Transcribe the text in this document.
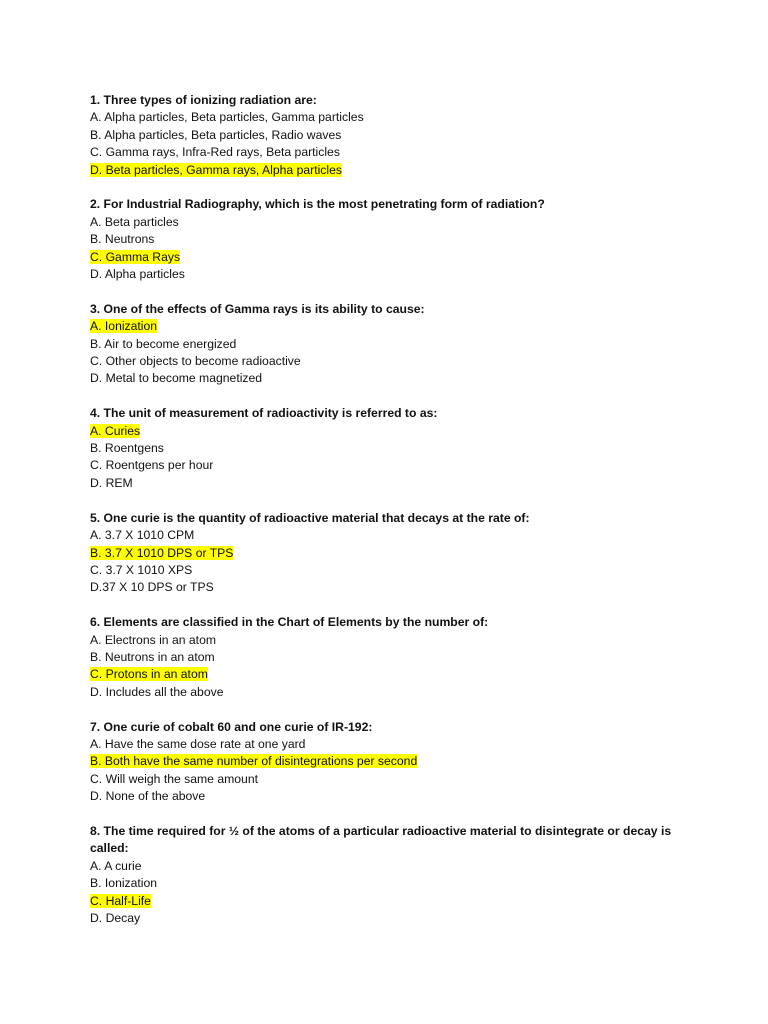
1. Three types of ionizing radiation are:
A. Alpha particles, Beta particles, Gamma particles
B. Alpha particles, Beta particles, Radio waves
C. Gamma rays, Infra-Red rays, Beta particles
D. Beta particles, Gamma rays, Alpha particles
2. For Industrial Radiography, which is the most penetrating form of radiation?
A. Beta particles
B. Neutrons
C. Gamma Rays
D. Alpha particles
3. One of the effects of Gamma rays is its ability to cause:
A. Ionization
B. Air to become energized
C. Other objects to become radioactive
D. Metal to become magnetized
4. The unit of measurement of radioactivity is referred to as:
A. Curies
B. Roentgens
C. Roentgens per hour
D. REM
5. One curie is the quantity of radioactive material that decays at the rate of:
A. 3.7 X 1010 CPM
B. 3.7 X 1010 DPS or TPS
C. 3.7 X 1010 XPS
D.37 X 10 DPS or TPS
6. Elements are classified in the Chart of Elements by the number of:
A. Electrons in an atom
B. Neutrons in an atom
C. Protons in an atom
D. Includes all the above
7. One curie of cobalt 60 and one curie of IR-192:
A. Have the same dose rate at one yard
B. Both have the same number of disintegrations per second
C. Will weigh the same amount
D. None of the above
8. The time required for ½ of the atoms of a particular radioactive material to disintegrate or decay is called:
A. A curie
B. Ionization
C. Half-Life
D. Decay
